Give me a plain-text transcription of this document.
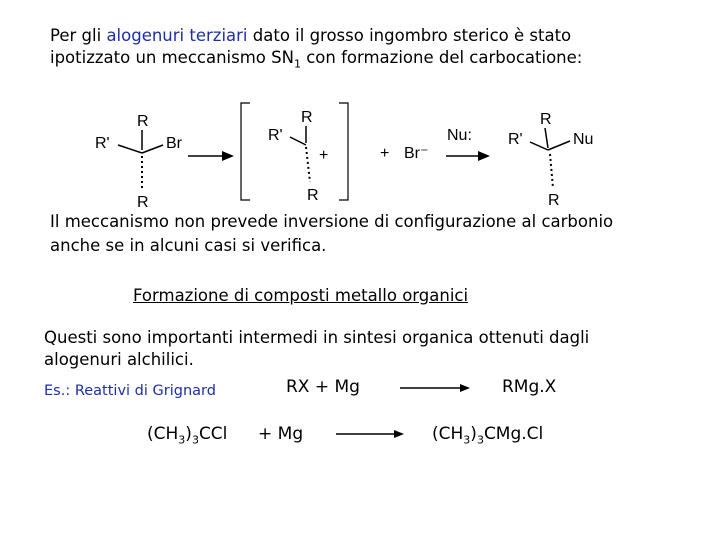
Per gli alogenuri terziari dato il grosso ingombro sterico è stato
ipotizzato un meccanismo $SN_1$ con formazione del carbocatione:
R
R'	Br
R
R
R'
+
R
+ Br⁻
Nu:
R
R'	Nu
R
Il meccanismo non prevede inversione di configurazione al carbonio
anche se in alcuni casi si verifica.
Formazione di composti metallo organici
Questi sono importanti intermedi in sintesi organica ottenuti dagli
alogenuri alchilici.
Es.: Reattivi di Grignard	RX + Mg	RMg.X
$(CH_3)_3CCl + Mg$	$(CH_3)_3CMg.Cl$
